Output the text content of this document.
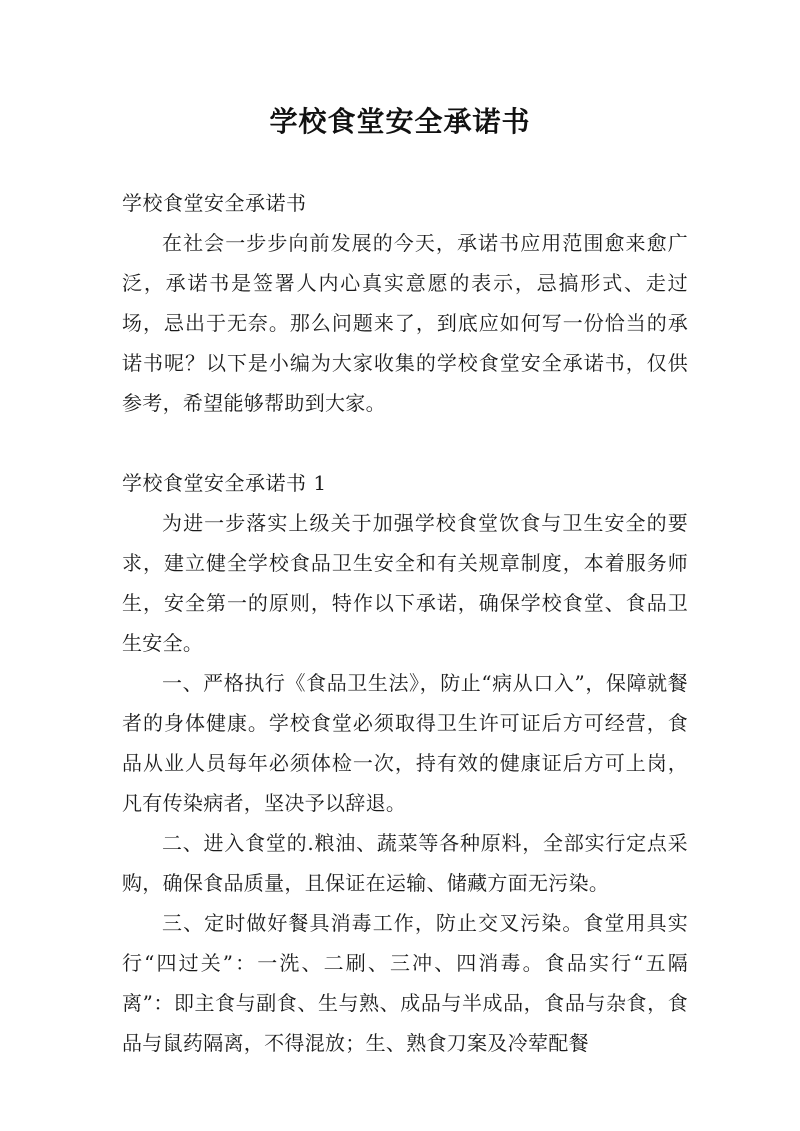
学校食堂安全承诺书

学校食堂安全承诺书

在社会一步步向前发展的今天，承诺书应用范围愈来愈广泛，承诺书是签署人内心真实意愿的表示，忌搞形式、走过场，忌出于无奈。那么问题来了，到底应如何写一份恰当的承诺书呢？以下是小编为大家收集的学校食堂安全承诺书，仅供参考，希望能够帮助到大家。

学校食堂安全承诺书 1

为进一步落实上级关于加强学校食堂饮食与卫生安全的要求，建立健全学校食品卫生安全和有关规章制度，本着服务师生，安全第一的原则，特作以下承诺，确保学校食堂、食品卫生安全。

一、严格执行《食品卫生法》，防止“病从口入”，保障就餐者的身体健康。学校食堂必须取得卫生许可证后方可经营，食品从业人员每年必须体检一次，持有效的健康证后方可上岗，凡有传染病者，坚决予以辞退。

二、进入食堂的.粮油、蔬菜等各种原料，全部实行定点采购，确保食品质量，且保证在运输、储藏方面无污染。

三、定时做好餐具消毒工作，防止交叉污染。食堂用具实行“四过关”：一洗、二刷、三冲、四消毒。食品实行“五隔离”：即主食与副食、生与熟、成品与半成品，食品与杂食，食品与鼠药隔离，不得混放；生、熟食刀案及冷荤配餐
